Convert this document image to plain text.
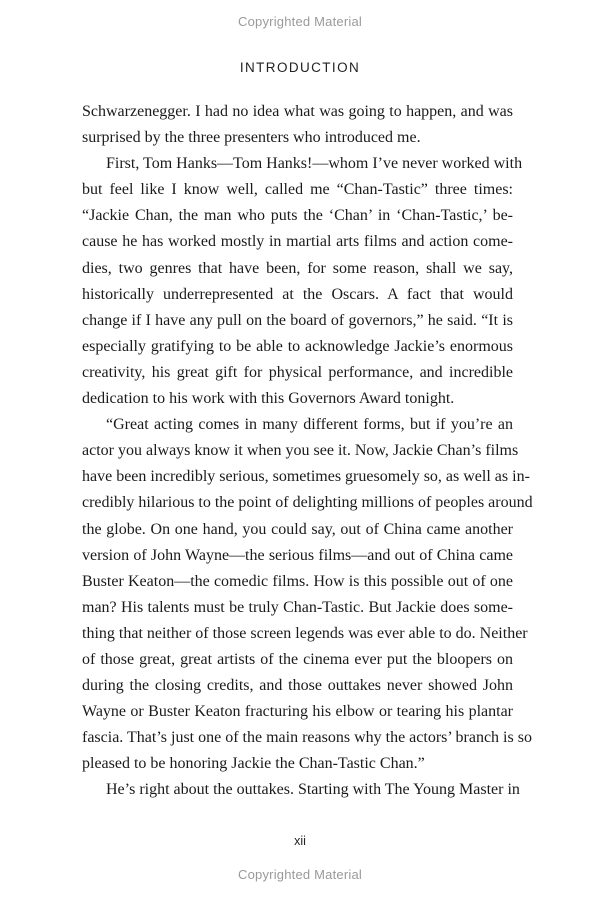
Copyrighted Material
INTRODUCTION

Schwarzenegger. I had no idea what was going to happen, and was
surprised by the three presenters who introduced me.

First, Tom Hanks—Tom Hanks!—whom I’ve never worked with
but feel like I know well, called me “Chan-Tastic” three times:
“Jackie Chan, the man who puts the ‘Chan’ in ‘Chan-Tastic,’ be-
cause he has worked mostly in martial arts films and action come-
dies, two genres that have been, for some reason, shall we say,
historically underrepresented at the Oscars. A fact that would
change if I have any pull on the board of governors,” he said. “It is
especially gratifying to be able to acknowledge Jackie’s enormous
creativity, his great gift for physical performance, and incredible
dedication to his work with this Governors Award tonight.

“Great acting comes in many different forms, but if you’re an
actor you always know it when you see it. Now, Jackie Chan’s films
have been incredibly serious, sometimes gruesomely so, as well as in-
credibly hilarious to the point of delighting millions of peoples around
the globe. On one hand, you could say, out of China came another
version of John Wayne—the serious films—and out of China came
Buster Keaton—the comedic films. How is this possible out of one
man? His talents must be truly Chan-Tastic. But Jackie does some-
thing that neither of those screen legends was ever able to do. Neither
of those great, great artists of the cinema ever put the bloopers on
during the closing credits, and those outtakes never showed John
Wayne or Buster Keaton fracturing his elbow or tearing his plantar
fascia. That’s just one of the main reasons why the actors’ branch is so
pleased to be honoring Jackie the Chan-Tastic Chan.”

He’s right about the outtakes. Starting with The Young Master in

xii
Copyrighted Material
